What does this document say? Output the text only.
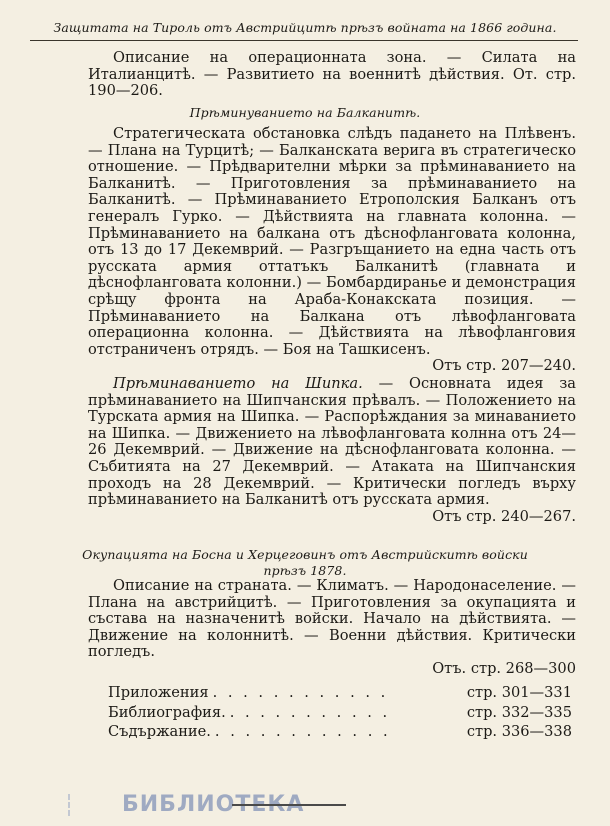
Защитата на Тироль отъ Австрийцитѣ прѣзъ войната на 1866 година.

Описание на операционната зона. — Силата на Италианцитѣ. — Развитието на военнитѣ дѣйствия. От. стр. 190—206.

Прѣминуванието на Балканитѣ.

Стратегическата обстановка слѣдъ падането на Плѣвенъ. — Плана на Турцитѣ; — Балканската верига въ стратегическо отношение. — Прѣдварителни мѣрки за прѣминаванието на Балканитѣ. — Приготовления за прѣминаванието на Балканитѣ. — Прѣминаванието Етрополския Балканъ отъ генералъ Гурко. — Дѣйствията на главната колонна. — Прѣминаванието на балкана отъ дѣснофланговата колонна, отъ 13 до 17 Декемврий. — Разгръщанието на една часть отъ русската армия оттатъкъ Балканитѣ (главната и дѣснофланговата колонни.) — Бомбардиранье и демонстрация срѣщу фронта на Араба-Конакската позиция. — Прѣминаванието на Балкана отъ лѣвофланговата операционна колонна. — Дѣйствията на лѣвофланговия отстраниченъ отрядъ. — Боя на Ташкисенъ.

Отъ стр. 207—240.

Прѣминаванието на Шипка. — Основната идея за прѣминаванието на Шипчанския прѣвалъ. — Положението на Турската армия на Шипка. — Распорѣждания за минаванието на Шипка. — Движението на лѣвофланговата колнна отъ 24—26 Декемврий. — Движение на дѣснофланговата колонна. — Събитията на 27 Декемврий. — Атаката на Шипчанския проходъ на 28 Декемврий. — Критически погледъ върху прѣминаванието на Балканитѣ отъ русската армия.

Отъ стр. 240—267.
Окупацията на Босна и Херцеговинъ отъ Австрийскитѣ войски
прѣзъ 1878.

Описание на страната. — Климатъ. — Народонаселение. — Плана на австрийцитѣ. — Приготовления за окупацията и състава на назначенитѣ войски. Начало на дѣйствията. — Движение на колоннитѣ. — Военни дѣйствия. Критически погледъ.

Отъ. стр. 268—300
Приложения . . . . . . . . . . . .	стр. 301—331
Библиография. . . . . . . . . . . .	стр. 332—335
Съдържание. . . . . . . . . . . . .	стр. 336—338
БИБЛИОТЕКА
